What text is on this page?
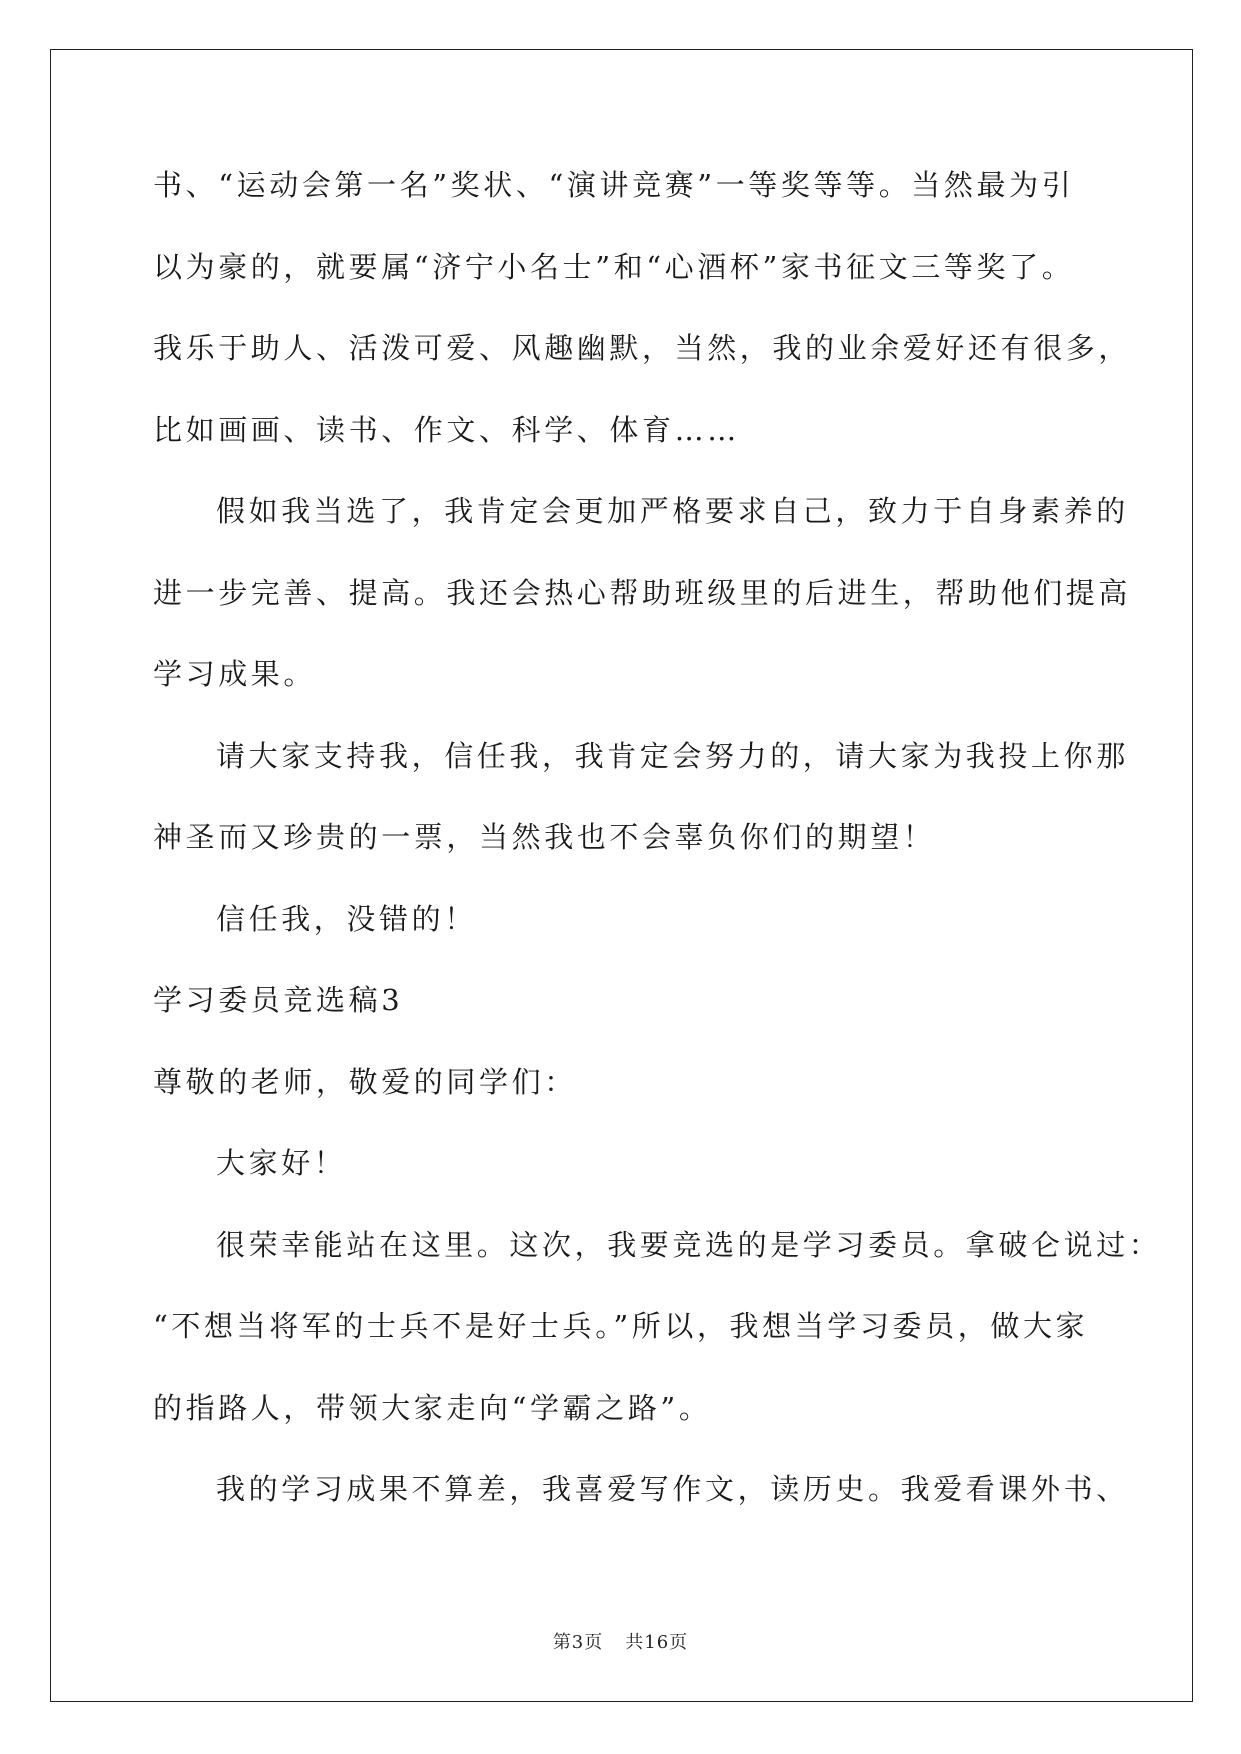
书、“运动会第一名”奖状、“演讲竞赛”一等奖等等。当然最为引
以为豪的，就要属“济宁小名士”和“心酒杯”家书征文三等奖了。
我乐于助人、活泼可爱、风趣幽默，当然，我的业余爱好还有很多，
比如画画、读书、作文、科学、体育……
假如我当选了，我肯定会更加严格要求自己，致力于自身素养的
进一步完善、提高。我还会热心帮助班级里的后进生，帮助他们提高
学习成果。
请大家支持我，信任我，我肯定会努力的，请大家为我投上你那
神圣而又珍贵的一票，当然我也不会辜负你们的期望！
信任我，没错的！
学习委员竞选稿3
尊敬的老师，敬爱的同学们：
大家好！
很荣幸能站在这里。这次，我要竞选的是学习委员。拿破仑说过：
“不想当将军的士兵不是好士兵。”所以，我想当学习委员，做大家
的指路人，带领大家走向“学霸之路”。
我的学习成果不算差，我喜爱写作文，读历史。我爱看课外书、
第3页 共16页
